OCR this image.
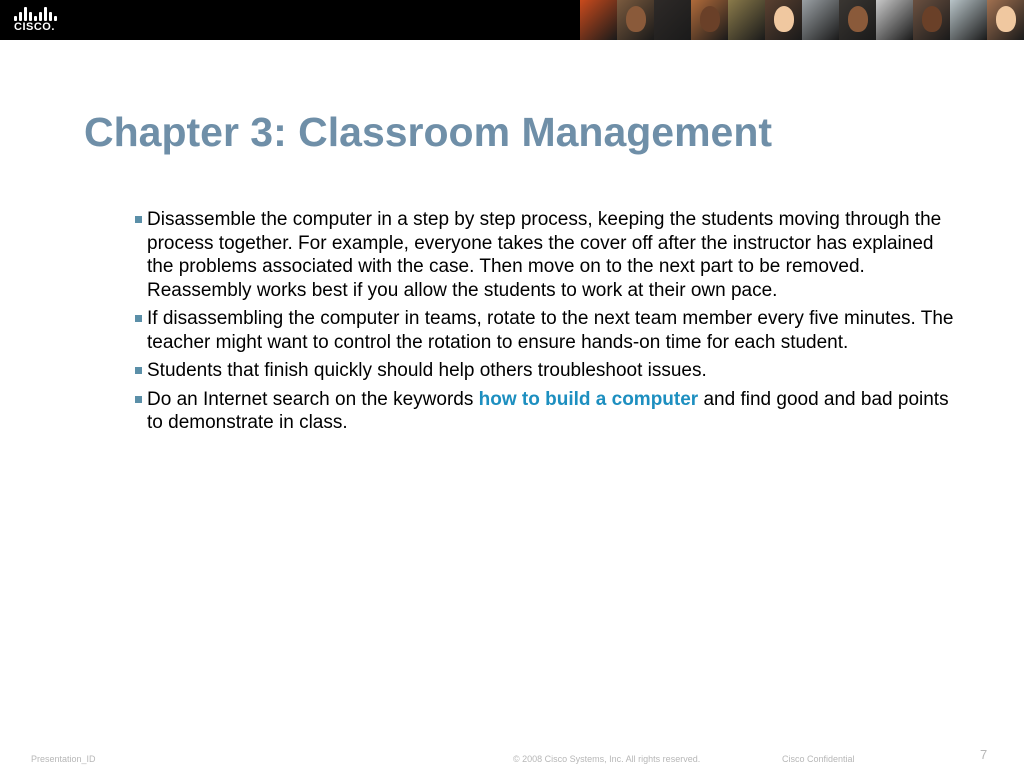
CISCO.
Chapter 3: Classroom Management
Disassemble the computer in a step by step process, keeping the students moving through the process together. For example, everyone takes the cover off after the instructor has explained the problems associated with the case. Then move on to the next part to be removed. Reassembly works best if you allow the students to work at their own pace.
If disassembling the computer in teams, rotate to the next team member every five minutes. The teacher might want to control the rotation to ensure hands-on time for each student.
Students that finish quickly should help others troubleshoot issues.
Do an Internet search on the keywords how to build a computer and find good and bad points to demonstrate in class.
Presentation_ID	© 2008 Cisco Systems, Inc. All rights reserved.	Cisco Confidential	7
